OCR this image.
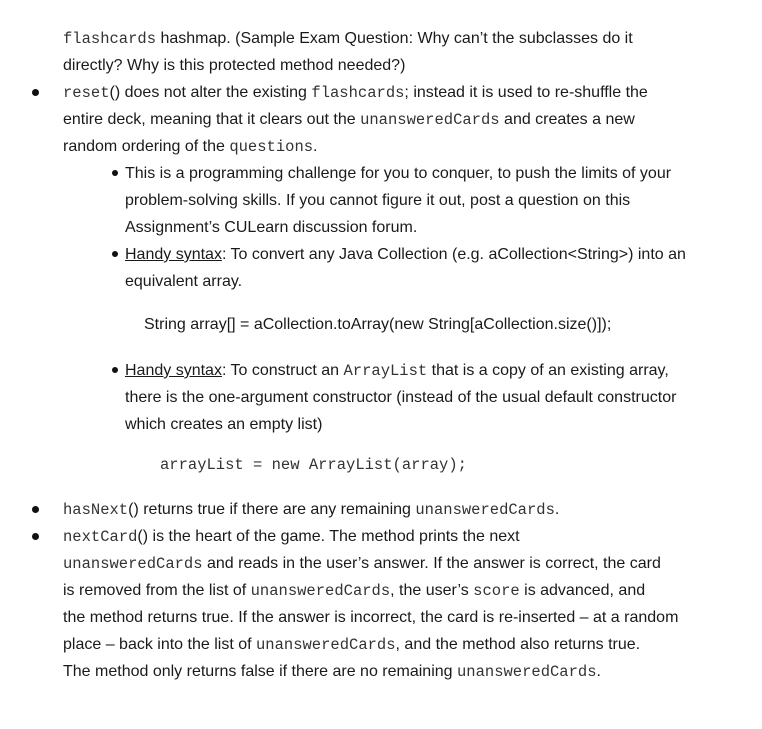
flashcards hashmap. (Sample Exam Question: Why can’t the subclasses do it
directly? Why is this protected method needed?)
reset() does not alter the existing flashcards; instead it is used to re-shuffle the
entire deck, meaning that it clears out the unansweredCards and creates a new
random ordering of the questions.
This is a programming challenge for you to conquer, to push the limits of your
problem-solving skills. If you cannot figure it out, post a question on this
Assignment’s CULearn discussion forum.
Handy syntax: To convert any Java Collection (e.g. aCollection<String>) into an
equivalent array.
String array[] = aCollection.toArray(new String[aCollection.size()]);
Handy syntax: To construct an ArrayList that is a copy of an existing array,
there is the one-argument constructor (instead of the usual default constructor
which creates an empty list)
arrayList = new ArrayList(array);
hasNext() returns true if there are any remaining unansweredCards.
nextCard() is the heart of the game. The method prints the next
unansweredCards and reads in the user’s answer. If the answer is correct, the card
is removed from the list of unansweredCards, the user’s score is advanced, and
the method returns true. If the answer is incorrect, the card is re-inserted – at a random
place – back into the list of unansweredCards, and the method also returns true.
The method only returns false if there are no remaining unansweredCards.
